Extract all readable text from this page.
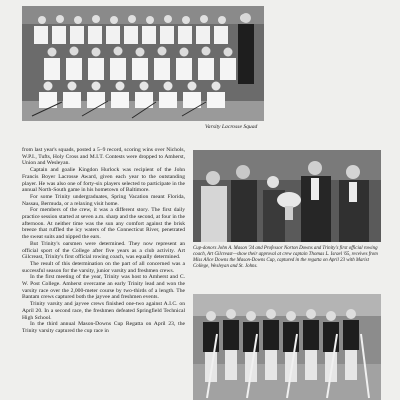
Varsity Lacrosse Squad

from last year's squads, posted a 5–9 record, scoring wins over Nichols, W.P.I., Tufts, Holy Cross and M.I.T. Contests were dropped to Amherst, Union and Wesleyan.

Captain and goalie Kingdon Hurlock was recipient of the John Francis Boyer Lacrosse Award, given each year to the outstanding player. He was also one of forty-six players selected to participate in the annual North-South game in his hometown of Baltimore.

For some Trinity undergraduates, Spring Vacation meant Florida, Nassau, Bermuda, or a relaxing visit home.

For members of the crew, it was a different story. The first daily practice session started at seven a.m. sharp and the second, at four in the afternoon. At neither time was the sun any comfort against the brisk breeze that ruffled the icy waters of the Connecticut River, penetrated the sweat suits and nipped the ears.

But Trinity's oarsmen were determined. They now represent an official sport of the College after five years as a club activity. Art Gilcreast, Trinity's first official rowing coach, was equally determined.

The result of this determination on the part of all concerned was a successful season for the varsity, junior varsity and freshmen crews.

In the first meeting of the year, Trinity was host to Amherst and C. W. Post College. Amherst overcame an early Trinity lead and won the varsity race over the 2,000-meter course by two-thirds of a length. The Bantam crews captured both the jayvee and freshmen events.

Trinity varsity and jayvee crews finished one-two against A.I.C. on April 20. In a second race, the freshmen defeated Springfield Technical High School.

In the third annual Mason-Downs Cup Regatta on April 23, the Trinity varsity captured the cup race in

Cup-donors John A. Mason '34 and Professor Norton Downs and Trinity's first official rowing coach, Art Gilcreast—show their approval at crew captain Thomas L. Israel '65, receives from Miss Alice Downs the Mason-Downs Cup, captured in the regatta on April 23 with Marist College, Wesleyan and St. Johns.
